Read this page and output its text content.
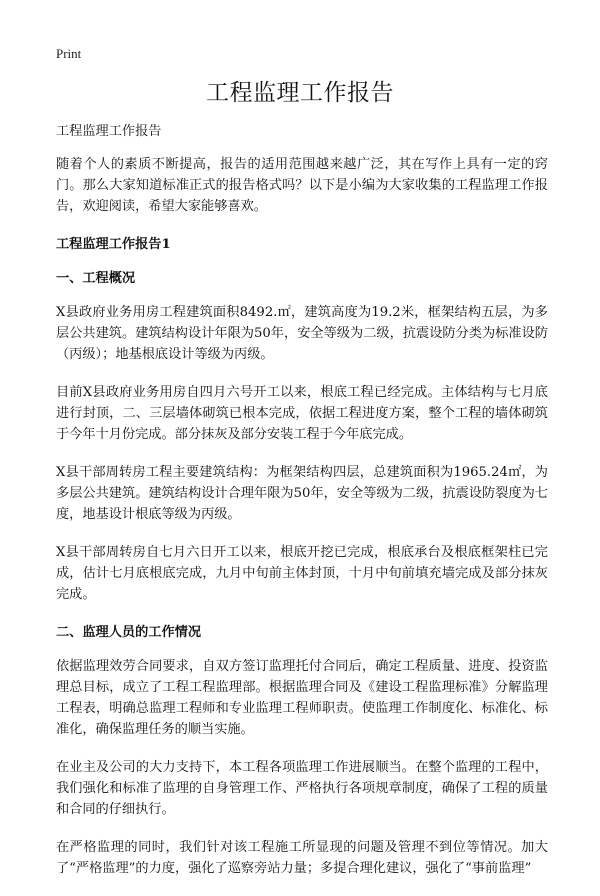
Print
工程监理工作报告

工程监理工作报告

随着个人的素质不断提高，报告的适用范围越来越广泛，其在写作上具有一定的窍门。那么大家知道标准正式的报告格式吗？以下是小编为大家收集的工程监理工作报告，欢迎阅读，希望大家能够喜欢。

工程监理工作报告1

一、工程概况

X县政府业务用房工程建筑面积8492.㎡，建筑高度为19.2米，框架结构五层，为多层公共建筑。建筑结构设计年限为50年，安全等级为二级，抗震设防分类为标准设防（丙级）；地基根底设计等级为丙级。

目前X县政府业务用房自四月六号开工以来，根底工程已经完成。主体结构与七月底进行封顶，二、三层墙体砌筑已根本完成，依据工程进度方案，整个工程的墙体砌筑于今年十月份完成。部分抹灰及部分安装工程于今年底完成。

X县干部周转房工程主要建筑结构：为框架结构四层，总建筑面积为1965.24㎡，为多层公共建筑。建筑结构设计合理年限为50年，安全等级为二级，抗震设防裂度为七度，地基设计根底等级为丙级。

X县干部周转房自七月六日开工以来，根底开挖已完成，根底承台及根底框架柱已完成，估计七月底根底完成，九月中旬前主体封顶，十月中旬前填充墙完成及部分抹灰完成。

二、监理人员的工作情况

依据监理效劳合同要求，自双方签订监理托付合同后，确定工程质量、进度、投资监理总目标，成立了工程工程监理部。根据监理合同及《建设工程监理标准》分解监理工程表，明确总监理工程师和专业监理工程师职责。使监理工作制度化、标准化、标准化，确保监理任务的顺当实施。

在业主及公司的大力支持下，本工程各项监理工作进展顺当。在整个监理的工程中，我们强化和标准了监理的自身管理工作、严格执行各项规章制度，确保了工程的质量和合同的仔细执行。

在严格监理的同时，我们针对该工程施工所显现的问题及管理不到位等情况。加大了“严格监理”的力度，强化了巡察旁站力量；多提合理化建议，强化了“事前监理”
